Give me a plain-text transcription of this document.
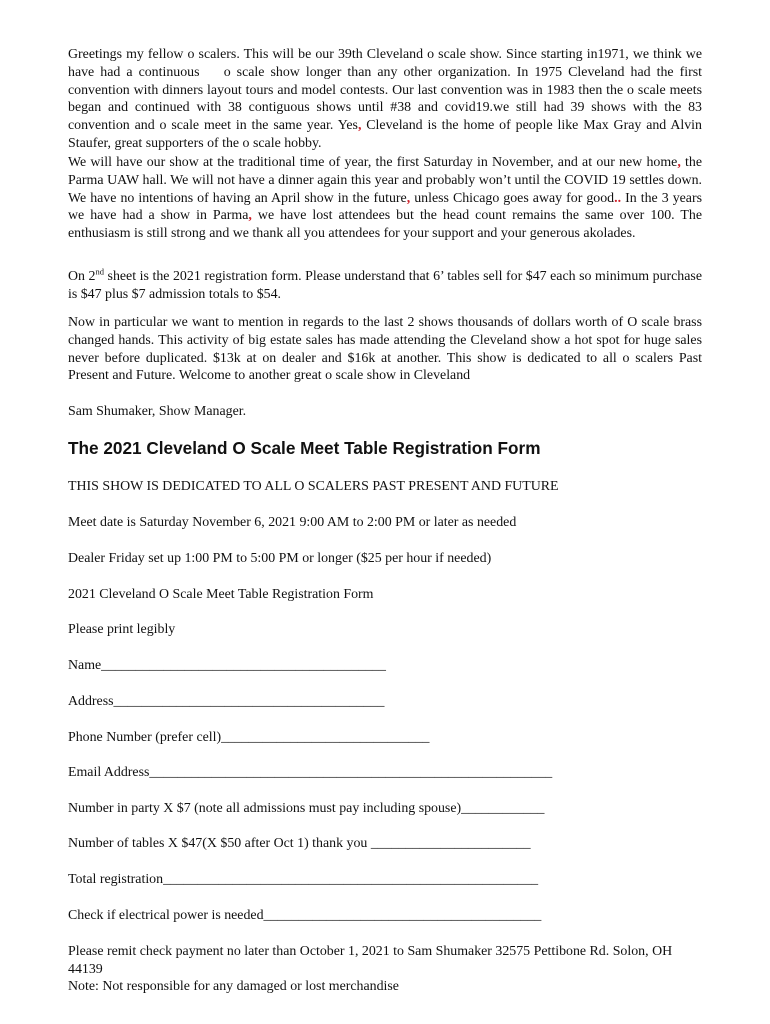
Greetings my fellow o scalers. This will be our 39th Cleveland o scale show. Since starting in1971, we think we have had a continuous    o scale show longer than any other organization. In 1975 Cleveland had the first convention with dinners layout tours and model contests. Our last convention was in 1983 then the o scale meets began and continued with 38 contiguous shows until #38 and covid19.we still had 39 shows with the 83 convention and o scale meet in the same year. Yes, Cleveland is the home of people like Max Gray and Alvin Staufer, great supporters of the o scale hobby.

We will have our show at the traditional time of year, the first Saturday in November, and at our new home, the Parma UAW hall. We will not have a dinner again this year and probably won’t until the COVID 19 settles down. We have no intentions of having an April show in the future, unless Chicago goes away for good.. In the 3 years we have had a show in Parma, we have lost attendees but the head count remains the same over 100. The enthusiasm is still strong and we thank all you attendees for your support and your generous akolades.

On 2nd sheet is the 2021 registration form. Please understand that 6’ tables sell for $47 each so minimum purchase is $47 plus $7 admission totals to $54.

Now in particular we want to mention in regards to the last 2 shows thousands of dollars worth of O scale brass changed hands. This activity of big estate sales has made attending the Cleveland show a hot spot for huge sales never before duplicated. $13k at on dealer and $16k at another. This show is dedicated to all o scalers Past Present and Future. Welcome to another great o scale show in Cleveland

Sam Shumaker, Show Manager.
The 2021 Cleveland O Scale Meet Table Registration Form
THIS SHOW IS DEDICATED TO ALL O SCALERS PAST PRESENT AND FUTURE
Meet date is Saturday November 6, 2021 9:00 AM to 2:00 PM or later as needed
Dealer Friday set up 1:00 PM to 5:00 PM or longer ($25 per hour if needed)
2021 Cleveland O Scale Meet Table Registration Form
Please print legibly
Name_________________________________________
Address_______________________________________
Phone Number (prefer cell)______________________________
Email Address__________________________________________________________
Number in party X $7 (note all admissions must pay including spouse)____________
Number of tables X $47(X $50 after Oct 1) thank you _______________________
Total registration______________________________________________________
Check if electrical power is needed________________________________________

Please remit check payment no later than October 1, 2021 to Sam Shumaker 32575 Pettibone Rd. Solon, OH   44139

Note: Not responsible for any damaged or lost merchandise
